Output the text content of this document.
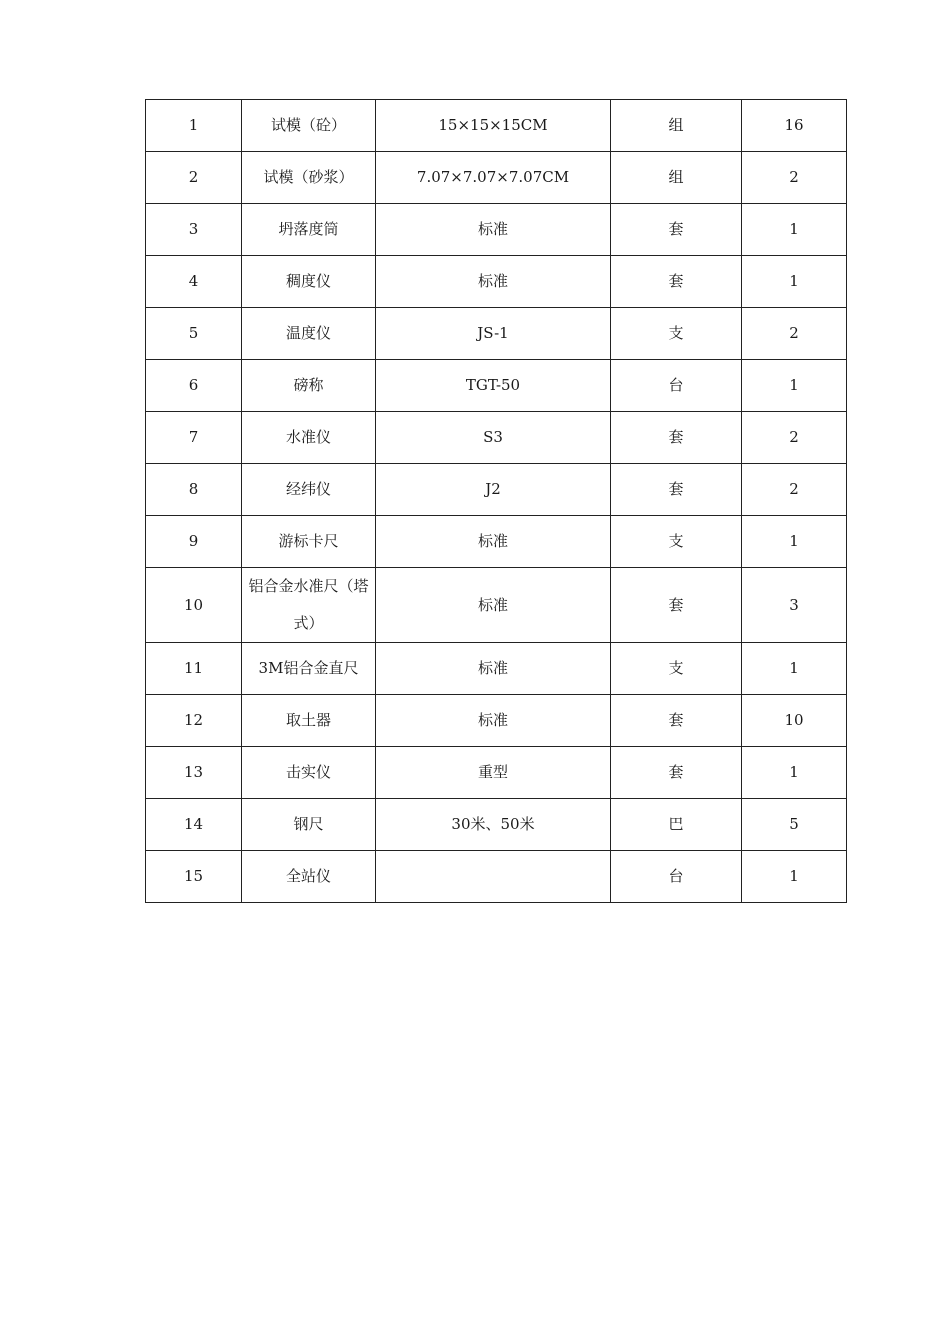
1	试模（砼）	15×15×15CM	组	16
2	试模（砂浆）	7.07×7.07×7.07CM	组	2
3	坍落度筒	标准	套	1
4	稠度仪	标准	套	1
5	温度仪	JS-1	支	2
6	磅称	TGT-50	台	1
7	水准仪	S3	套	2
8	经纬仪	J2	套	2
9	游标卡尺	标准	支	1
10	铝合金水准尺（塔式）	标准	套	3
11	3M铝合金直尺	标准	支	1
12	取土器	标准	套	10
13	击实仪	重型	套	1
14	钢尺	30米、50米	巴	5
15	全站仪		台	1
